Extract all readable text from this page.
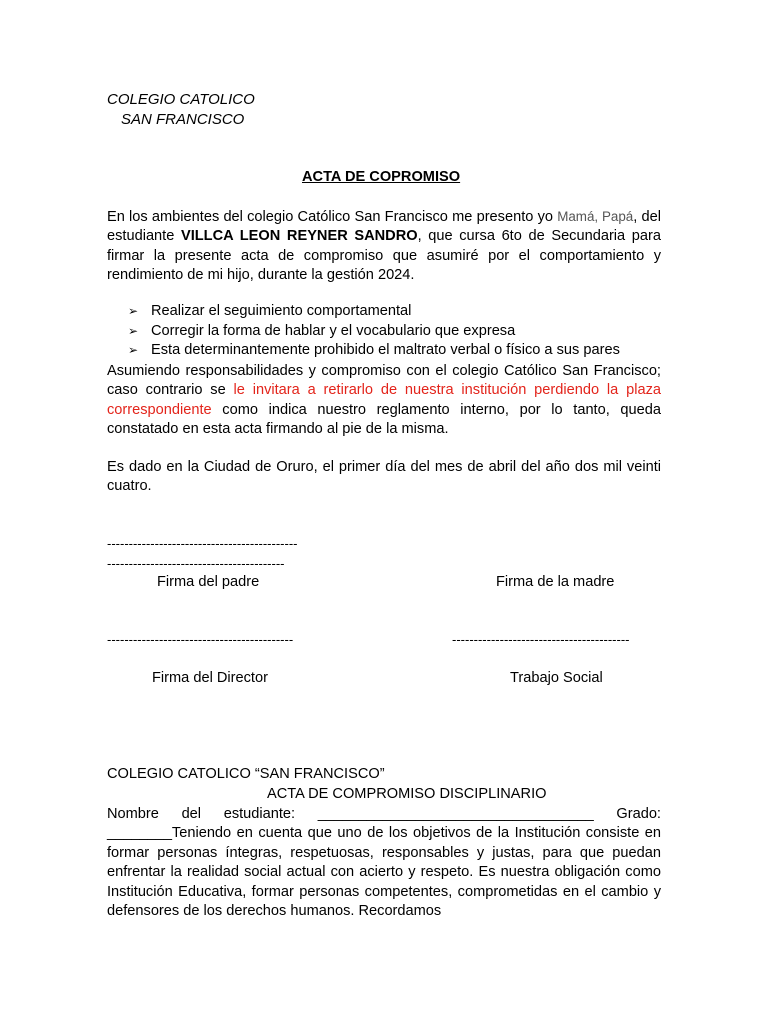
COLEGIO CATOLICO
SAN FRANCISCO
ACTA DE COPROMISO

En los ambientes del colegio Católico San Francisco me presento yo Mamá, Papá, del estudiante VILLCA LEON REYNER SANDRO, que cursa 6to de Secundaria para firmar la presente acta de compromiso que asumiré por el comportamiento y rendimiento de mi hijo, durante la gestión 2024.

➢ Realizar el seguimiento comportamental
➢ Corregir la forma de hablar y el vocabulario que expresa
➢ Esta determinantemente prohibido el maltrato verbal o físico a sus pares

Asumiendo responsabilidades y compromiso con el colegio Católico San Francisco; caso contrario se le invitara a retirarlo de nuestra institución perdiendo la plaza correspondiente como indica nuestro reglamento interno, por lo tanto, queda constatado en esta acta firmando al pie de la misma.

Es dado en la Ciudad de Oruro, el primer día del mes de abril del año dos mil veinti cuatro.

--------------------------------------------
-----------------------------------------
Firma del padre	Firma de la madre
-------------------------------------------	-----------------------------------------
Firma del Director	Trabajo Social
COLEGIO CATOLICO “SAN FRANCISCO”
ACTA DE COMPROMISO DISCIPLINARIO

Nombre del estudiante: __________________________________ Grado: ________Teniendo en cuenta que uno de los objetivos de la Institución consiste en formar personas íntegras, respetuosas, responsables y justas, para que puedan enfrentar la realidad social actual con acierto y respeto. Es nuestra obligación como Institución Educativa, formar personas competentes, comprometidas en el cambio y defensores de los derechos humanos. Recordamos
